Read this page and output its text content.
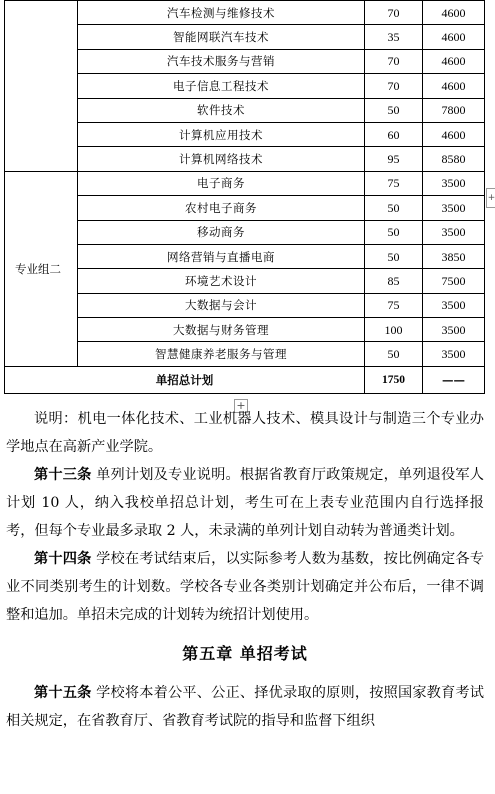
	汽车检测与维修技术	70	4600
	智能网联汽车技术	35	4600
	汽车技术服务与营销	70	4600
	电子信息工程技术	70	4600
	软件技术	50	7800
	计算机应用技术	60	4600
	计算机网络技术	95	8580
专业组二	电子商务	75	3500
	农村电子商务	50	3500
	移动商务	50	3500
	网络营销与直播电商	50	3850
	环境艺术设计	85	7500
	大数据与会计	75	3500
	大数据与财务管理	100	3500
	智慧健康养老服务与管理	50	3500
单招总计划		1750	——
+
+

说明：机电一体化技术、工业机器人技术、模具设计与制造三个专业办学地点在高新产业学院。

第十三条 单列计划及专业说明。根据省教育厅政策规定，单列退役军人计划 10 人，纳入我校单招总计划，考生可在上表专业范围内自行选择报考，但每个专业最多录取 2 人，未录满的单列计划自动转为普通类计划。

第十四条 学校在考试结束后，以实际参考人数为基数，按比例确定各专业不同类别考生的计划数。学校各专业各类别计划确定并公布后，一律不调整和追加。单招未完成的计划转为统招计划使用。

第五章 单招考试

第十五条 学校将本着公平、公正、择优录取的原则，按照国家教育考试相关规定，在省教育厅、省教育考试院的指导和监督下组织
